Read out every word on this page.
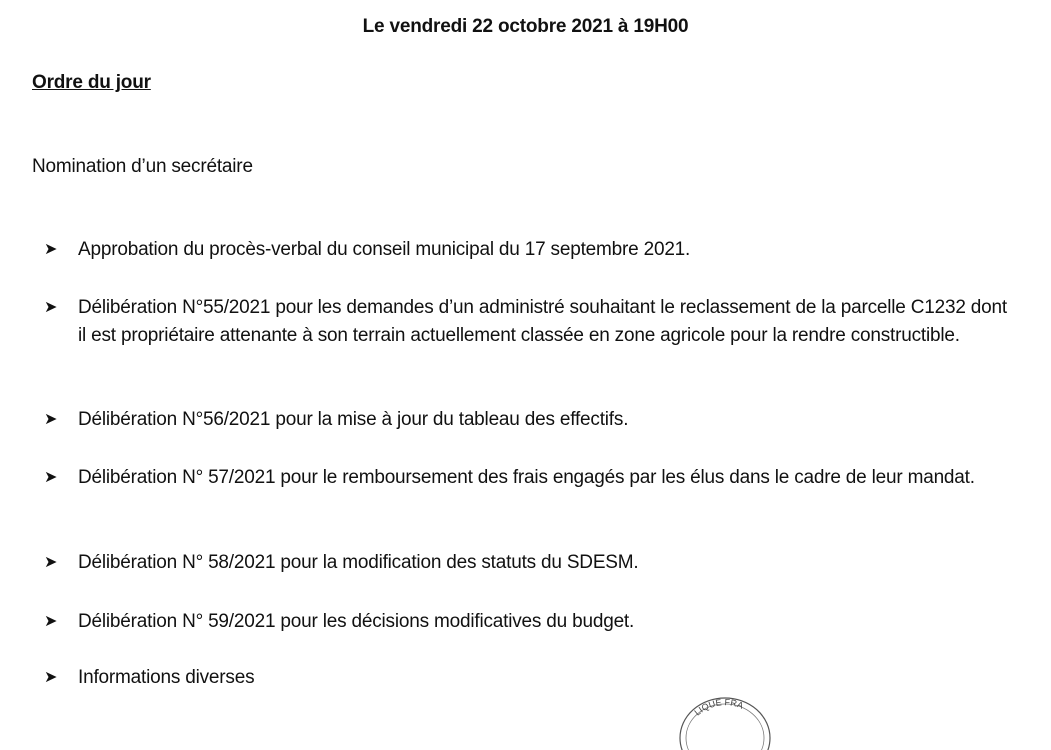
Le vendredi 22 octobre 2021 à 19H00
Ordre du jour
Nomination d’un secrétaire
➤	Approbation du procès-verbal du conseil municipal du 17 septembre 2021.
➤	Délibération N°55/2021 pour les demandes d’un administré souhaitant le reclassement de la parcelle C1232 dont il est propriétaire attenante à son terrain actuellement classée en zone agricole pour la rendre constructible.
➤	Délibération N°56/2021 pour la mise à jour du tableau des effectifs.
➤	Délibération N° 57/2021 pour le remboursement des frais engagés par les élus dans le cadre de leur mandat.
➤	Délibération N° 58/2021 pour la modification des statuts du SDESM.
➤	Délibération N° 59/2021 pour les décisions modificatives du budget.
➤	Informations diverses
LIQUE FRA
